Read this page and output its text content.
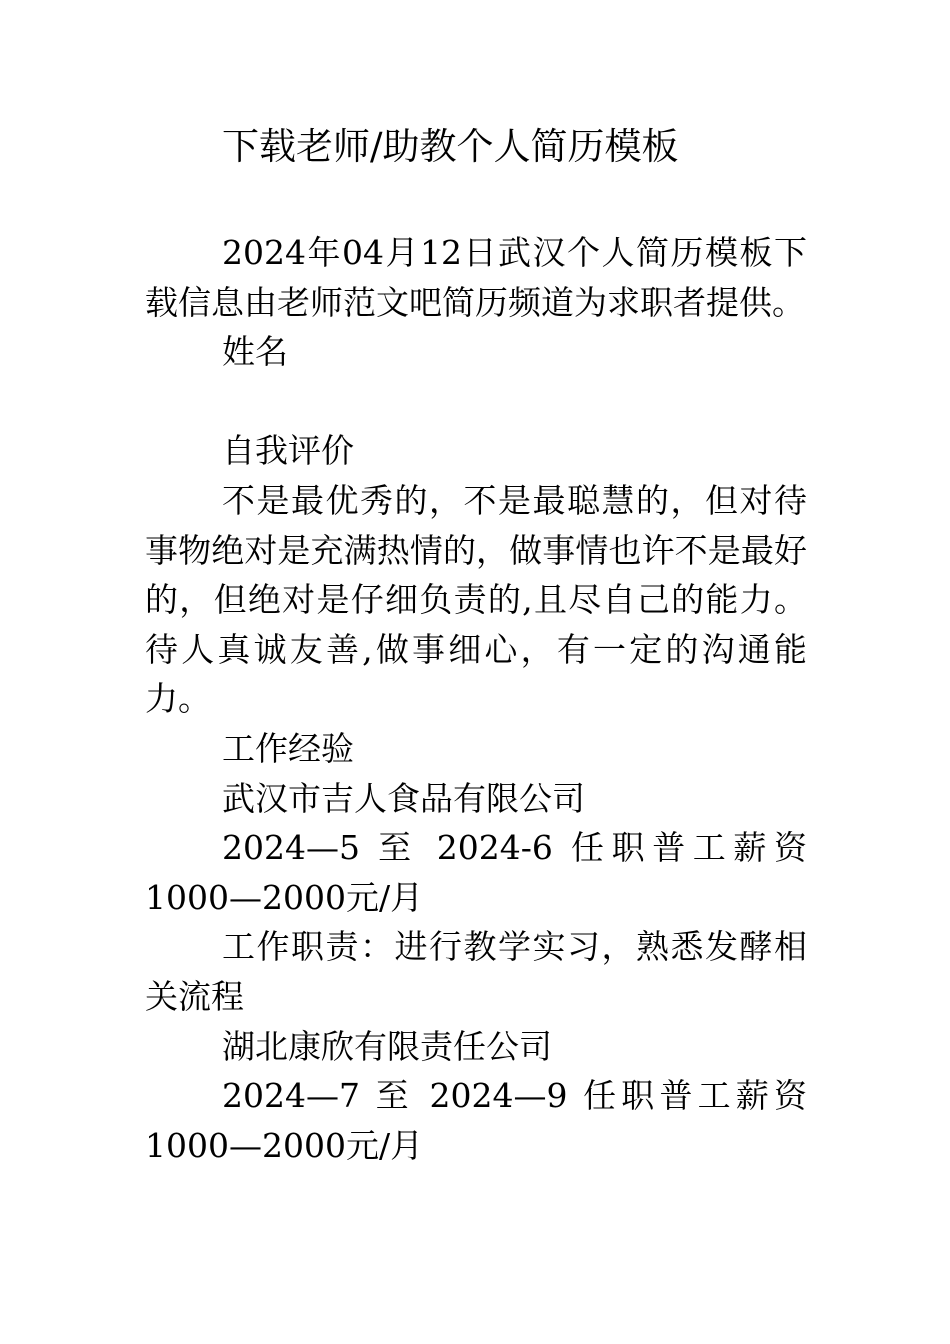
下载老师/助教个人简历模板

2024年04月12日武汉个人简历模板下载信息由老师范文吧简历频道为求职者提供。

姓名

自我评价

不是最优秀的，不是最聪慧的，但对待事物绝对是充满热情的，做事情也许不是最好的，但绝对是仔细负责的,且尽自己的能力。待人真诚友善,做事细心，有一定的沟通能力。

工作经验

武汉市吉人食品有限公司

2024—5 至 2024-6 任职普工薪资1000—2000元/月

工作职责：进行教学实习，熟悉发酵相关流程

湖北康欣有限责任公司

2024—7 至 2024—9 任职普工薪资1000—2000元/月
